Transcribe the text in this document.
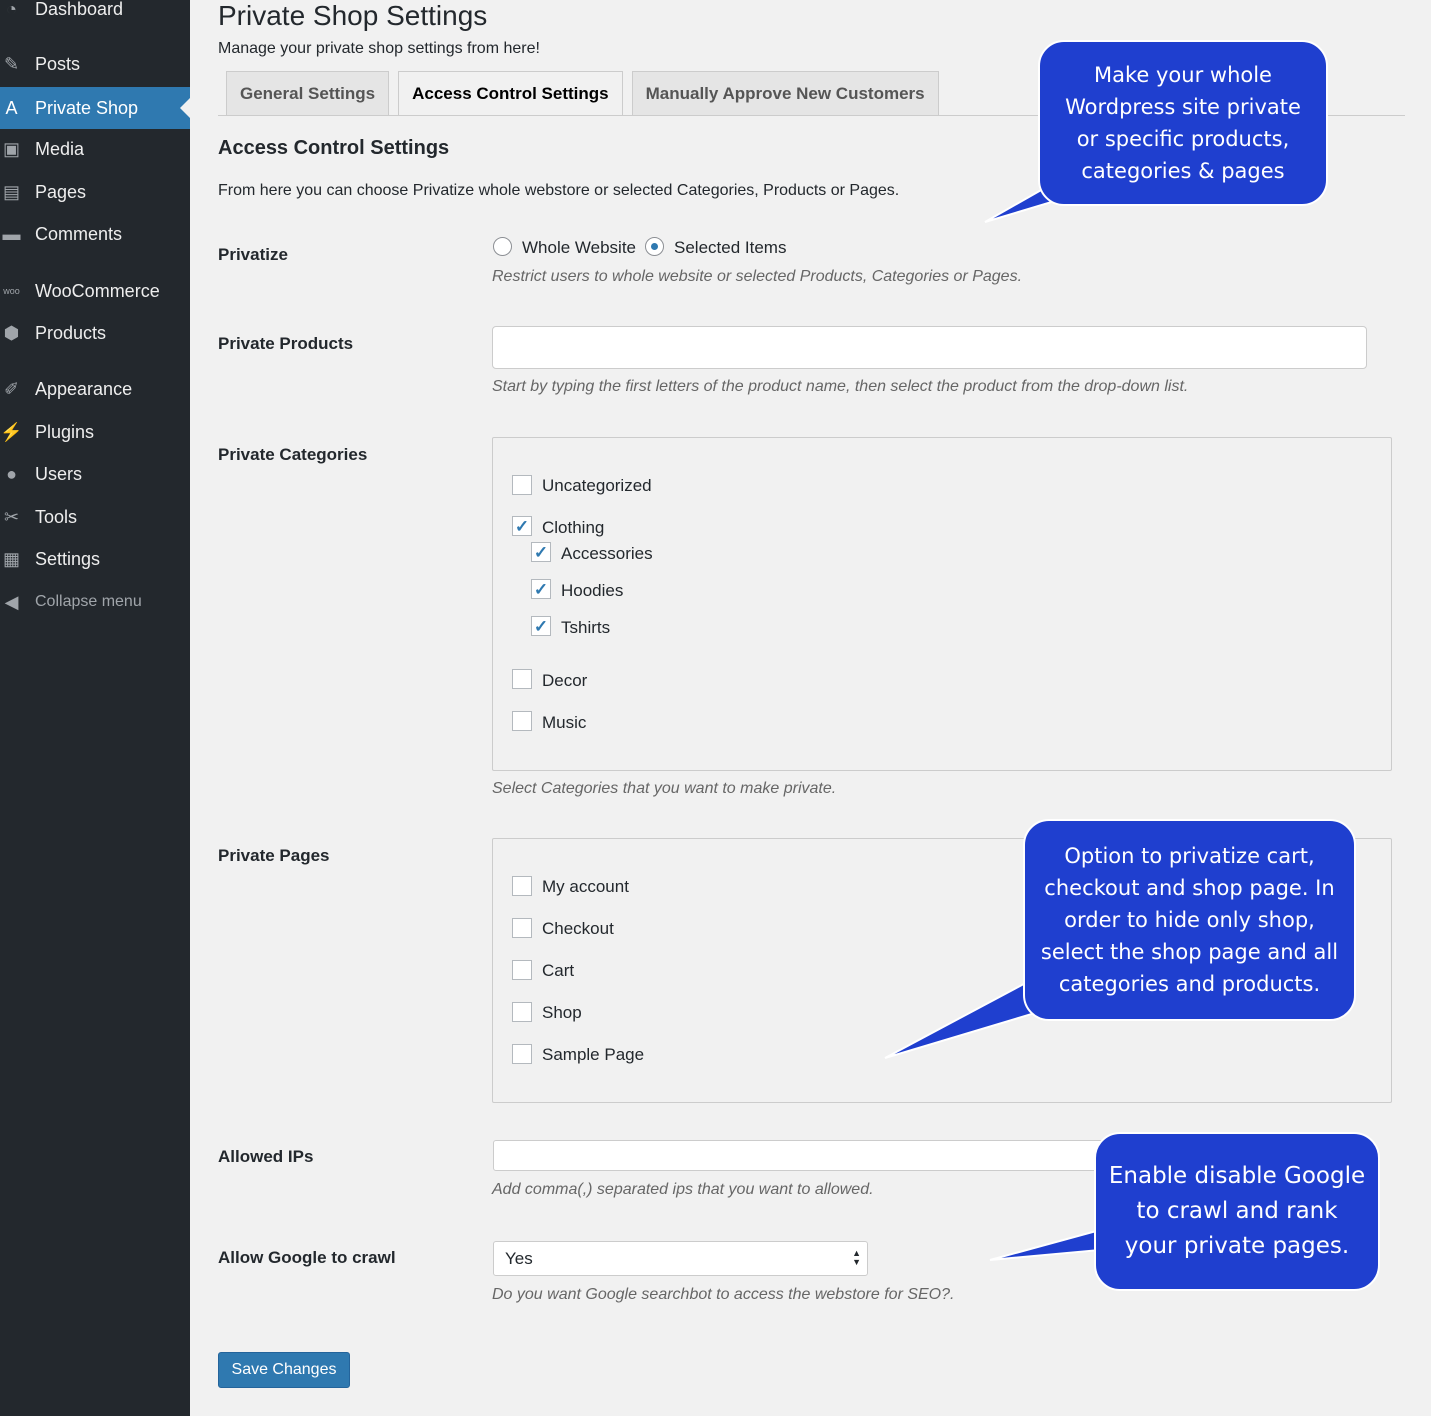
◔	Dashboard
✎ Posts
A Private Shop
▣ Media
▤ Pages
▬ Comments
woo WooCommerce
⬢ Products
✐ Appearance
⚡ Plugins
●	Users
✂ Tools
▦ Settings
◀	Collapse menu
Private Shop Settings
Manage your private shop settings from here!
General Settings	Access Control Settings	Manually Approve New Customers
Access Control Settings
From here you can choose Privatize whole webstore or selected Categories, Products or Pages.
Privatize	Whole Website Selected Items
Restrict users to whole website or selected Products, Categories or Pages.
Private Products
Start by typing the first letters of the product name, then select the product from the drop-down list.
Private Categories
Uncategorized
✓ Clothing
✓ Accessories
✓ Hoodies
✓ Tshirts
Decor
Music
Select Categories that you want to make private.
Private Pages
My account
Checkout
Cart
Shop
Sample Page
Allowed IPs
Add comma(,) separated ips that you want to allowed.
Allow Google to crawl	Yes	▲
▼
Do you want Google searchbot to access the webstore for SEO?.
Save Changes
Make your whole Wordpress site private or specific products, categories & pages
Option to privatize cart, checkout and shop page. In order to hide only shop, select the shop page and all categories and products.
Enable disable Google to crawl and rank your private pages.
